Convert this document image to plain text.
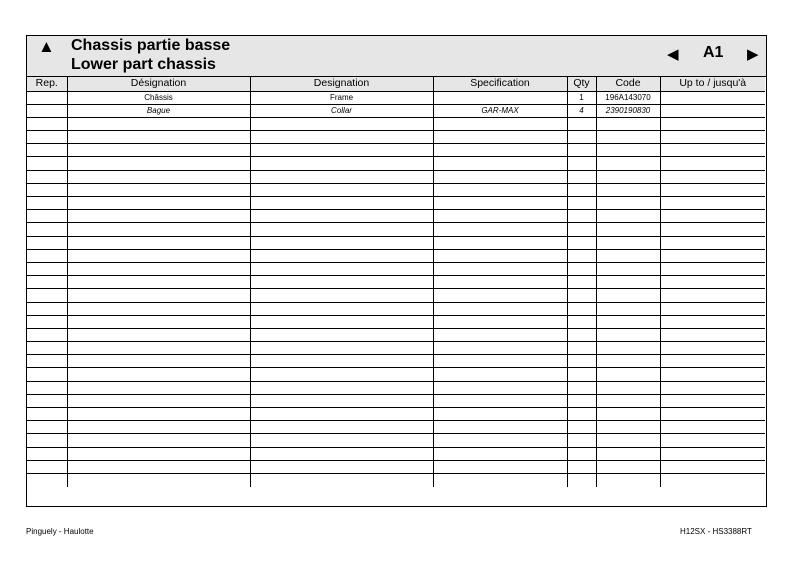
▲ Chassis partie basse
Lower part chassis
◀ A1 ▶
Rep.	Désignation	Designation	Specification	Qty	Code	Up to / jusqu'à
	Châssis	Frame		1	196A143070	
	Bague	Collar	GAR-MAX	4	2390190830	

Pinguely - Haulotte	H12SX - HS3388RT
